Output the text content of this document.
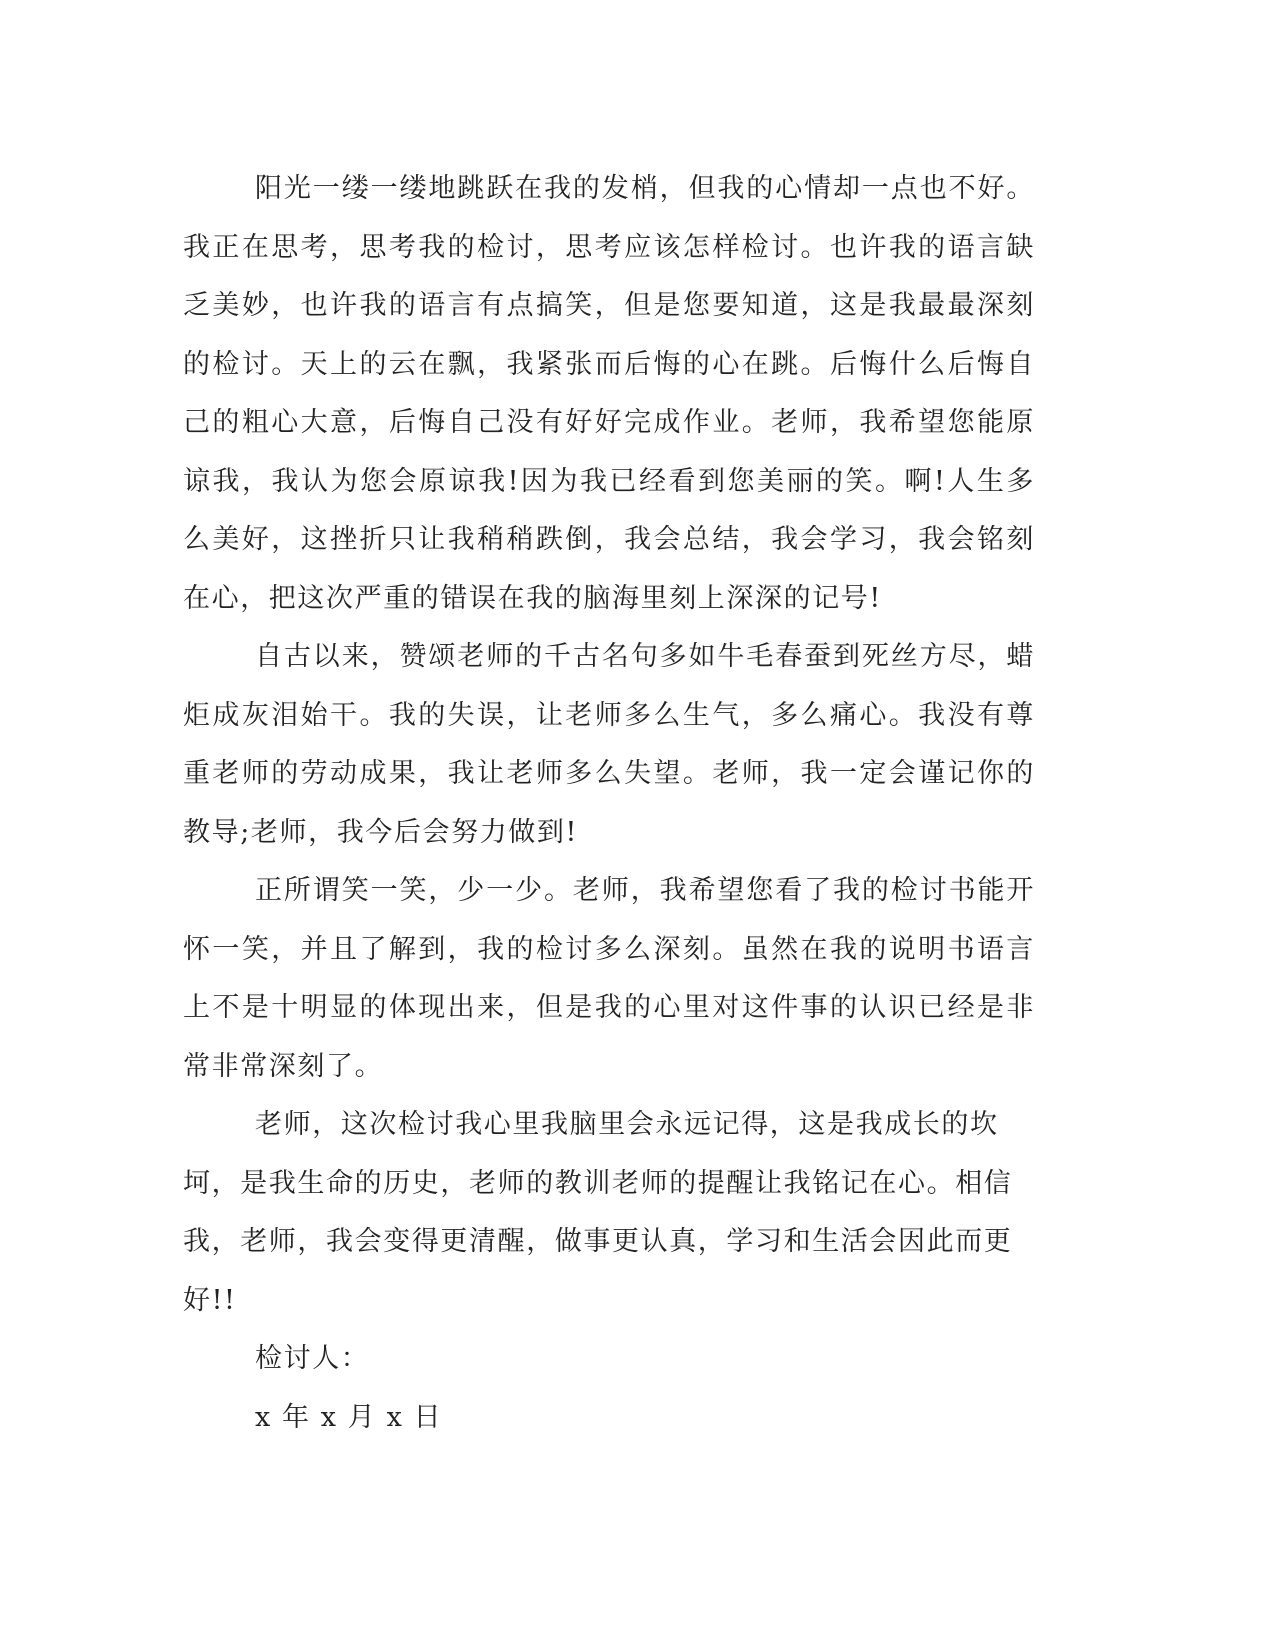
阳光一缕一缕地跳跃在我的发梢，但我的心情却一点也不好。我正在思考，思考我的检讨，思考应该怎样检讨。也许我的语言缺乏美妙，也许我的语言有点搞笑，但是您要知道，这是我最最深刻的检讨。天上的云在飘，我紧张而后悔的心在跳。后悔什么后悔自己的粗心大意，后悔自己没有好好完成作业。老师，我希望您能原谅我，我认为您会原谅我!因为我已经看到您美丽的笑。啊!人生多么美好，这挫折只让我稍稍跌倒，我会总结，我会学习，我会铭刻在心，把这次严重的错误在我的脑海里刻上深深的记号!

自古以来，赞颂老师的千古名句多如牛毛春蚕到死丝方尽，蜡炬成灰泪始干。我的失误，让老师多么生气，多么痛心。我没有尊重老师的劳动成果，我让老师多么失望。老师，我一定会谨记你的教导;老师，我今后会努力做到!

正所谓笑一笑，少一少。老师，我希望您看了我的检讨书能开怀一笑，并且了解到，我的检讨多么深刻。虽然在我的说明书语言上不是十明显的体现出来，但是我的心里对这件事的认识已经是非常非常深刻了。

老师，这次检讨我心里我脑里会永远记得，这是我成长的坎坷，是我生命的历史，老师的教训老师的提醒让我铭记在心。相信我，老师，我会变得更清醒，做事更认真，学习和生活会因此而更好!!

检讨人：

x 年 x 月 x 日
